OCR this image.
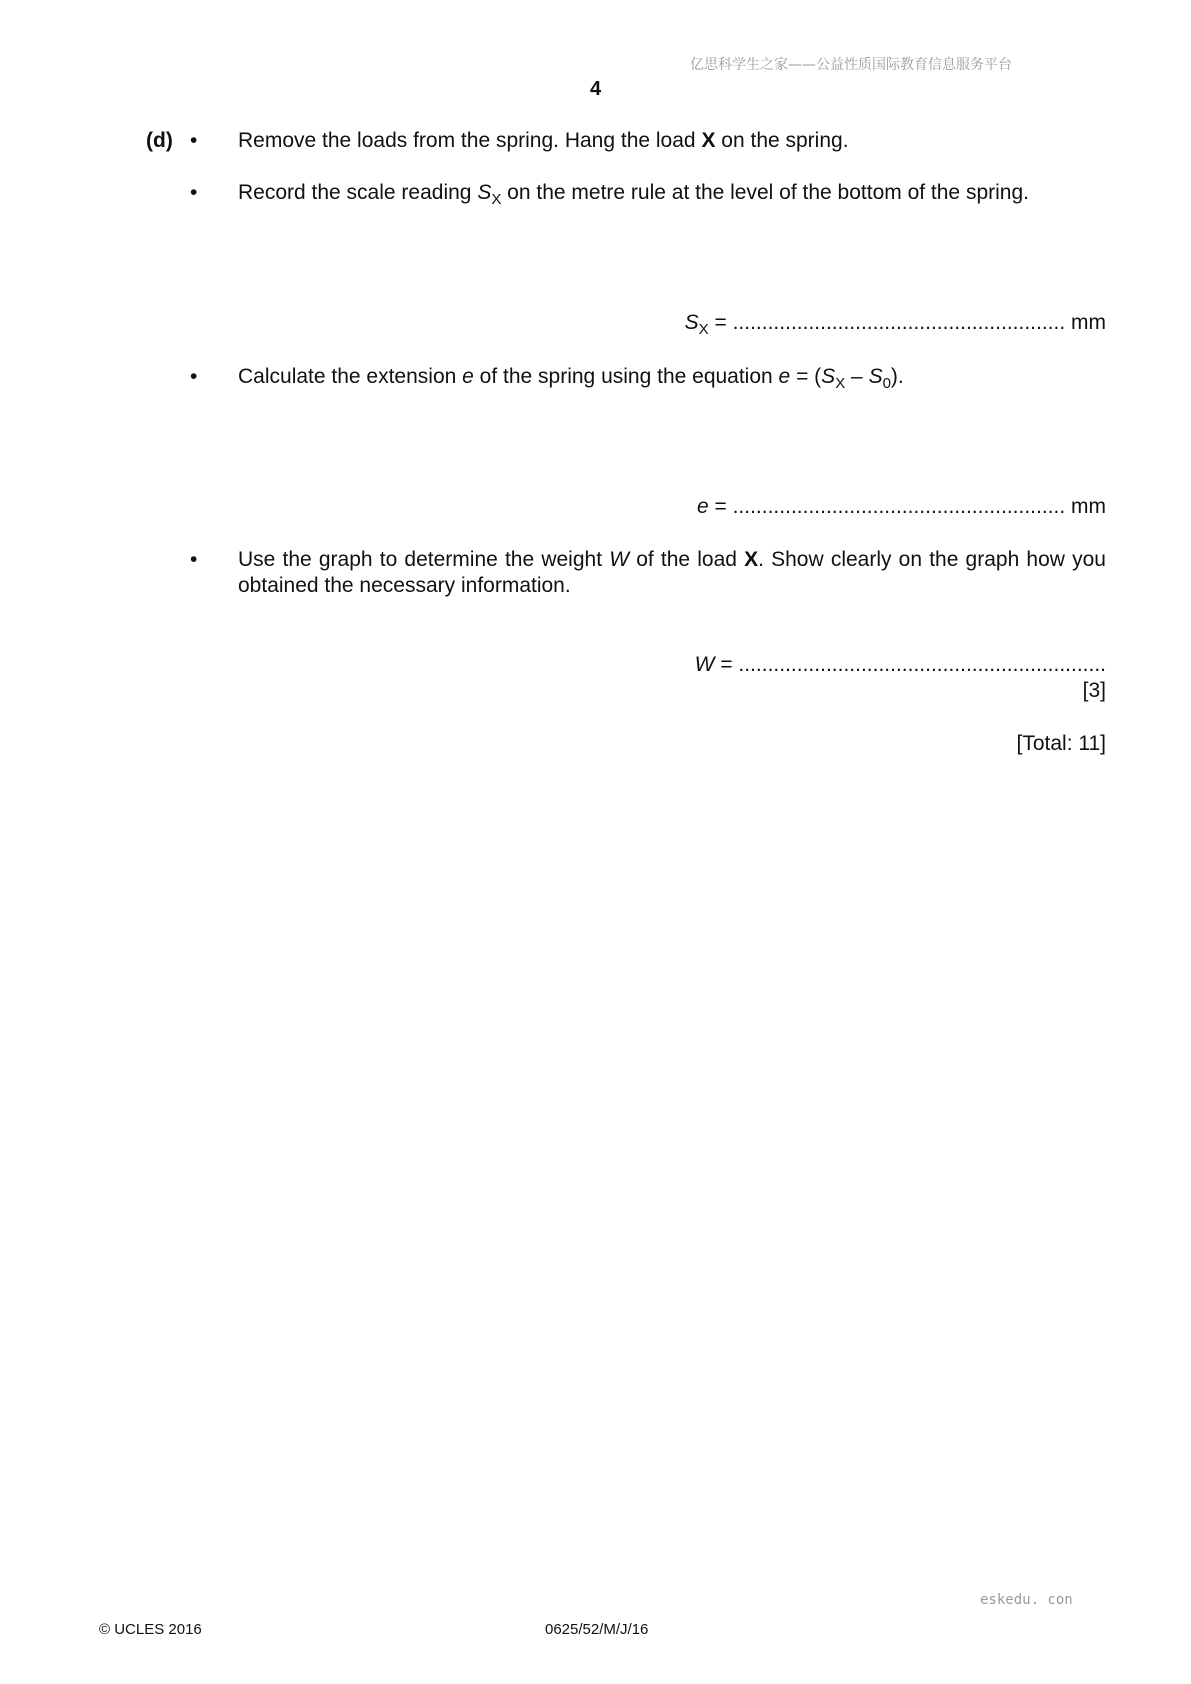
亿思科学生之家——公益性质国际教育信息服务平台
4
(d) • Remove the loads from the spring. Hang the load X on the spring.
• Record the scale reading $S_X$ on the metre rule at the level of the bottom of the spring.
$S_X$ = ......................................................... mm
• Calculate the extension e of the spring using the equation $e = (S_X - S_0)$.
e = ......................................................... mm
• Use the graph to determine the weight W of the load X. Show clearly on the graph how you obtained the necessary information.
W = ...............................................................
[3]
[Total: 11]
eskedu. con
© UCLES 2016	0625/52/M/J/16
